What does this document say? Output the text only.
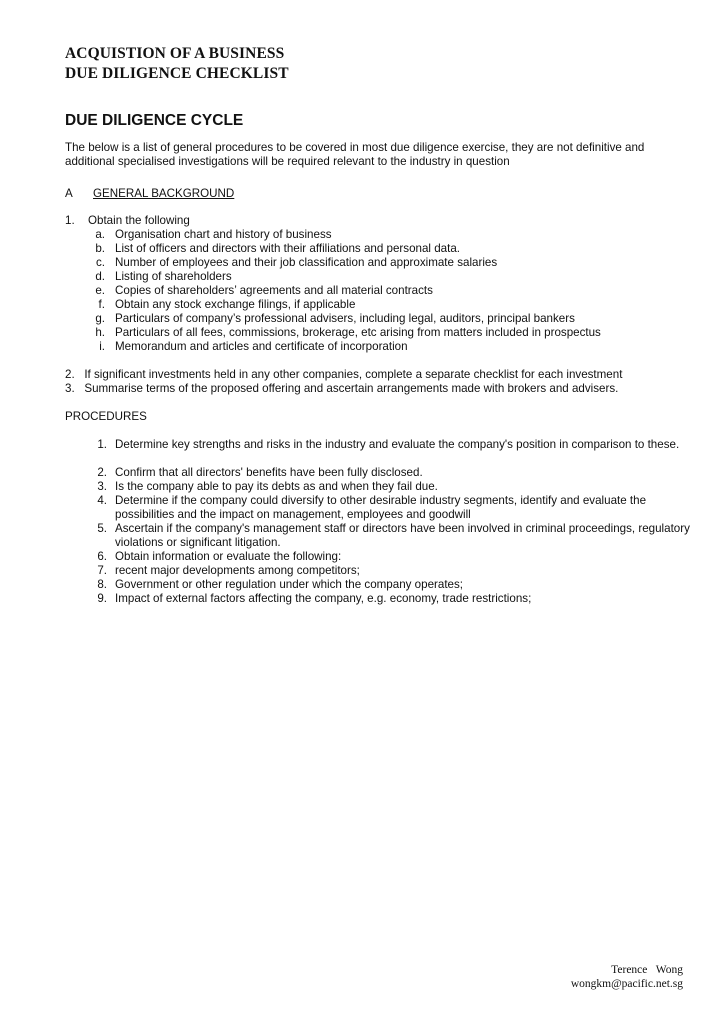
ACQUISTION OF A BUSINESS
DUE DILIGENCE CHECKLIST
DUE DILIGENCE CYCLE
The below is a list of general procedures to be covered in most due diligence exercise, they are not definitive and additional specialised investigations will be required relevant to the industry in question
A GENERAL BACKGROUND
1. Obtain the following
a. Organisation chart and history of business
b. List of officers and directors with their affiliations and personal data.
c. Number of employees and their job classification and approximate salaries
d. Listing of shareholders
e. Copies of shareholders’ agreements and all material contracts
f. Obtain any stock exchange filings, if applicable
g. Particulars of company’s professional advisers, including legal, auditors, principal bankers
h. Particulars of all fees, commissions, brokerage, etc arising from matters included in prospectus
i. Memorandum and articles and certificate of incorporation
2.   If significant investments held in any other companies, complete a separate checklist for each investment
3.   Summarise terms of the proposed offering and ascertain arrangements made with brokers and advisers.
PROCEDURES
1. Determine key strengths and risks in the industry and evaluate the company's position in comparison to these.
2. Confirm that all directors' benefits have been fully disclosed.
3. Is the company able to pay its debts as and when they fail due.
4. Determine if the company could diversify to other desirable industry segments, identify and evaluate the possibilities and the impact on management, employees and goodwill
5. Ascertain if the company's management staff or directors have been involved in criminal proceedings, regulatory violations or significant litigation.
6. Obtain information or evaluate the following:
7. recent major developments among competitors;
8. Government or other regulation under which the company operates;
9. Impact of external factors affecting the company, e.g. economy, trade restrictions;
Terence   Wong
wongkm@pacific.net.sg
